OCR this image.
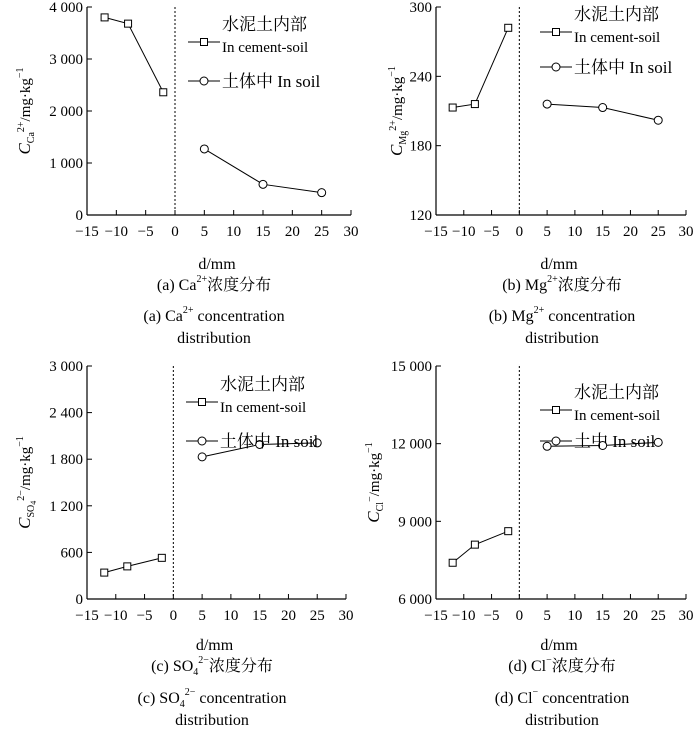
0
1 000
2 000
3 000
4 000
−15 −10 −5 0 5 10 15 20 25 30
d/mm
$C_{Ca}^{2+}/mg\cdot kg^{-1}$
水泥土内部
In cement-soil
土体中 In soil
(a) $Ca^{2+}$浓度分布
(a) $Ca^{2+}$ concentration
distribution
120
180
240
300
−15 −10 −5 0 5 10 15 20 25 30
d/mm
$C_{Mg}^{2+}/mg\cdot kg^{-1}$
水泥土内部
In cement-soil
土体中 In soil
(b) $Mg^{2+}$浓度分布
(b) $Mg^{2+}$ concentration
distribution
0
600
1 200
1 800
2 400
3 000
−15 −10 −5 0 5 10 15 20 25 30
d/mm
$C_{SO}4^{2-}/mg\cdot kg^{-1}$
水泥土内部
In cement-soil
土体中 In soil
(c) $SO_4^{2-}$浓度分布
(c) $SO_4^{2-}$ concentration
distribution
6 000
9 000
12 000
15 000
−15 −10 −5 0 5 10 15 20 25 30
d/mm
$C_{Cl}^-/mg\cdot kg^{-1}$
水泥土内部
In cement-soil
土中 In soil
(d) Cl−浓度分布
(d) Cl− concentration
distribution
